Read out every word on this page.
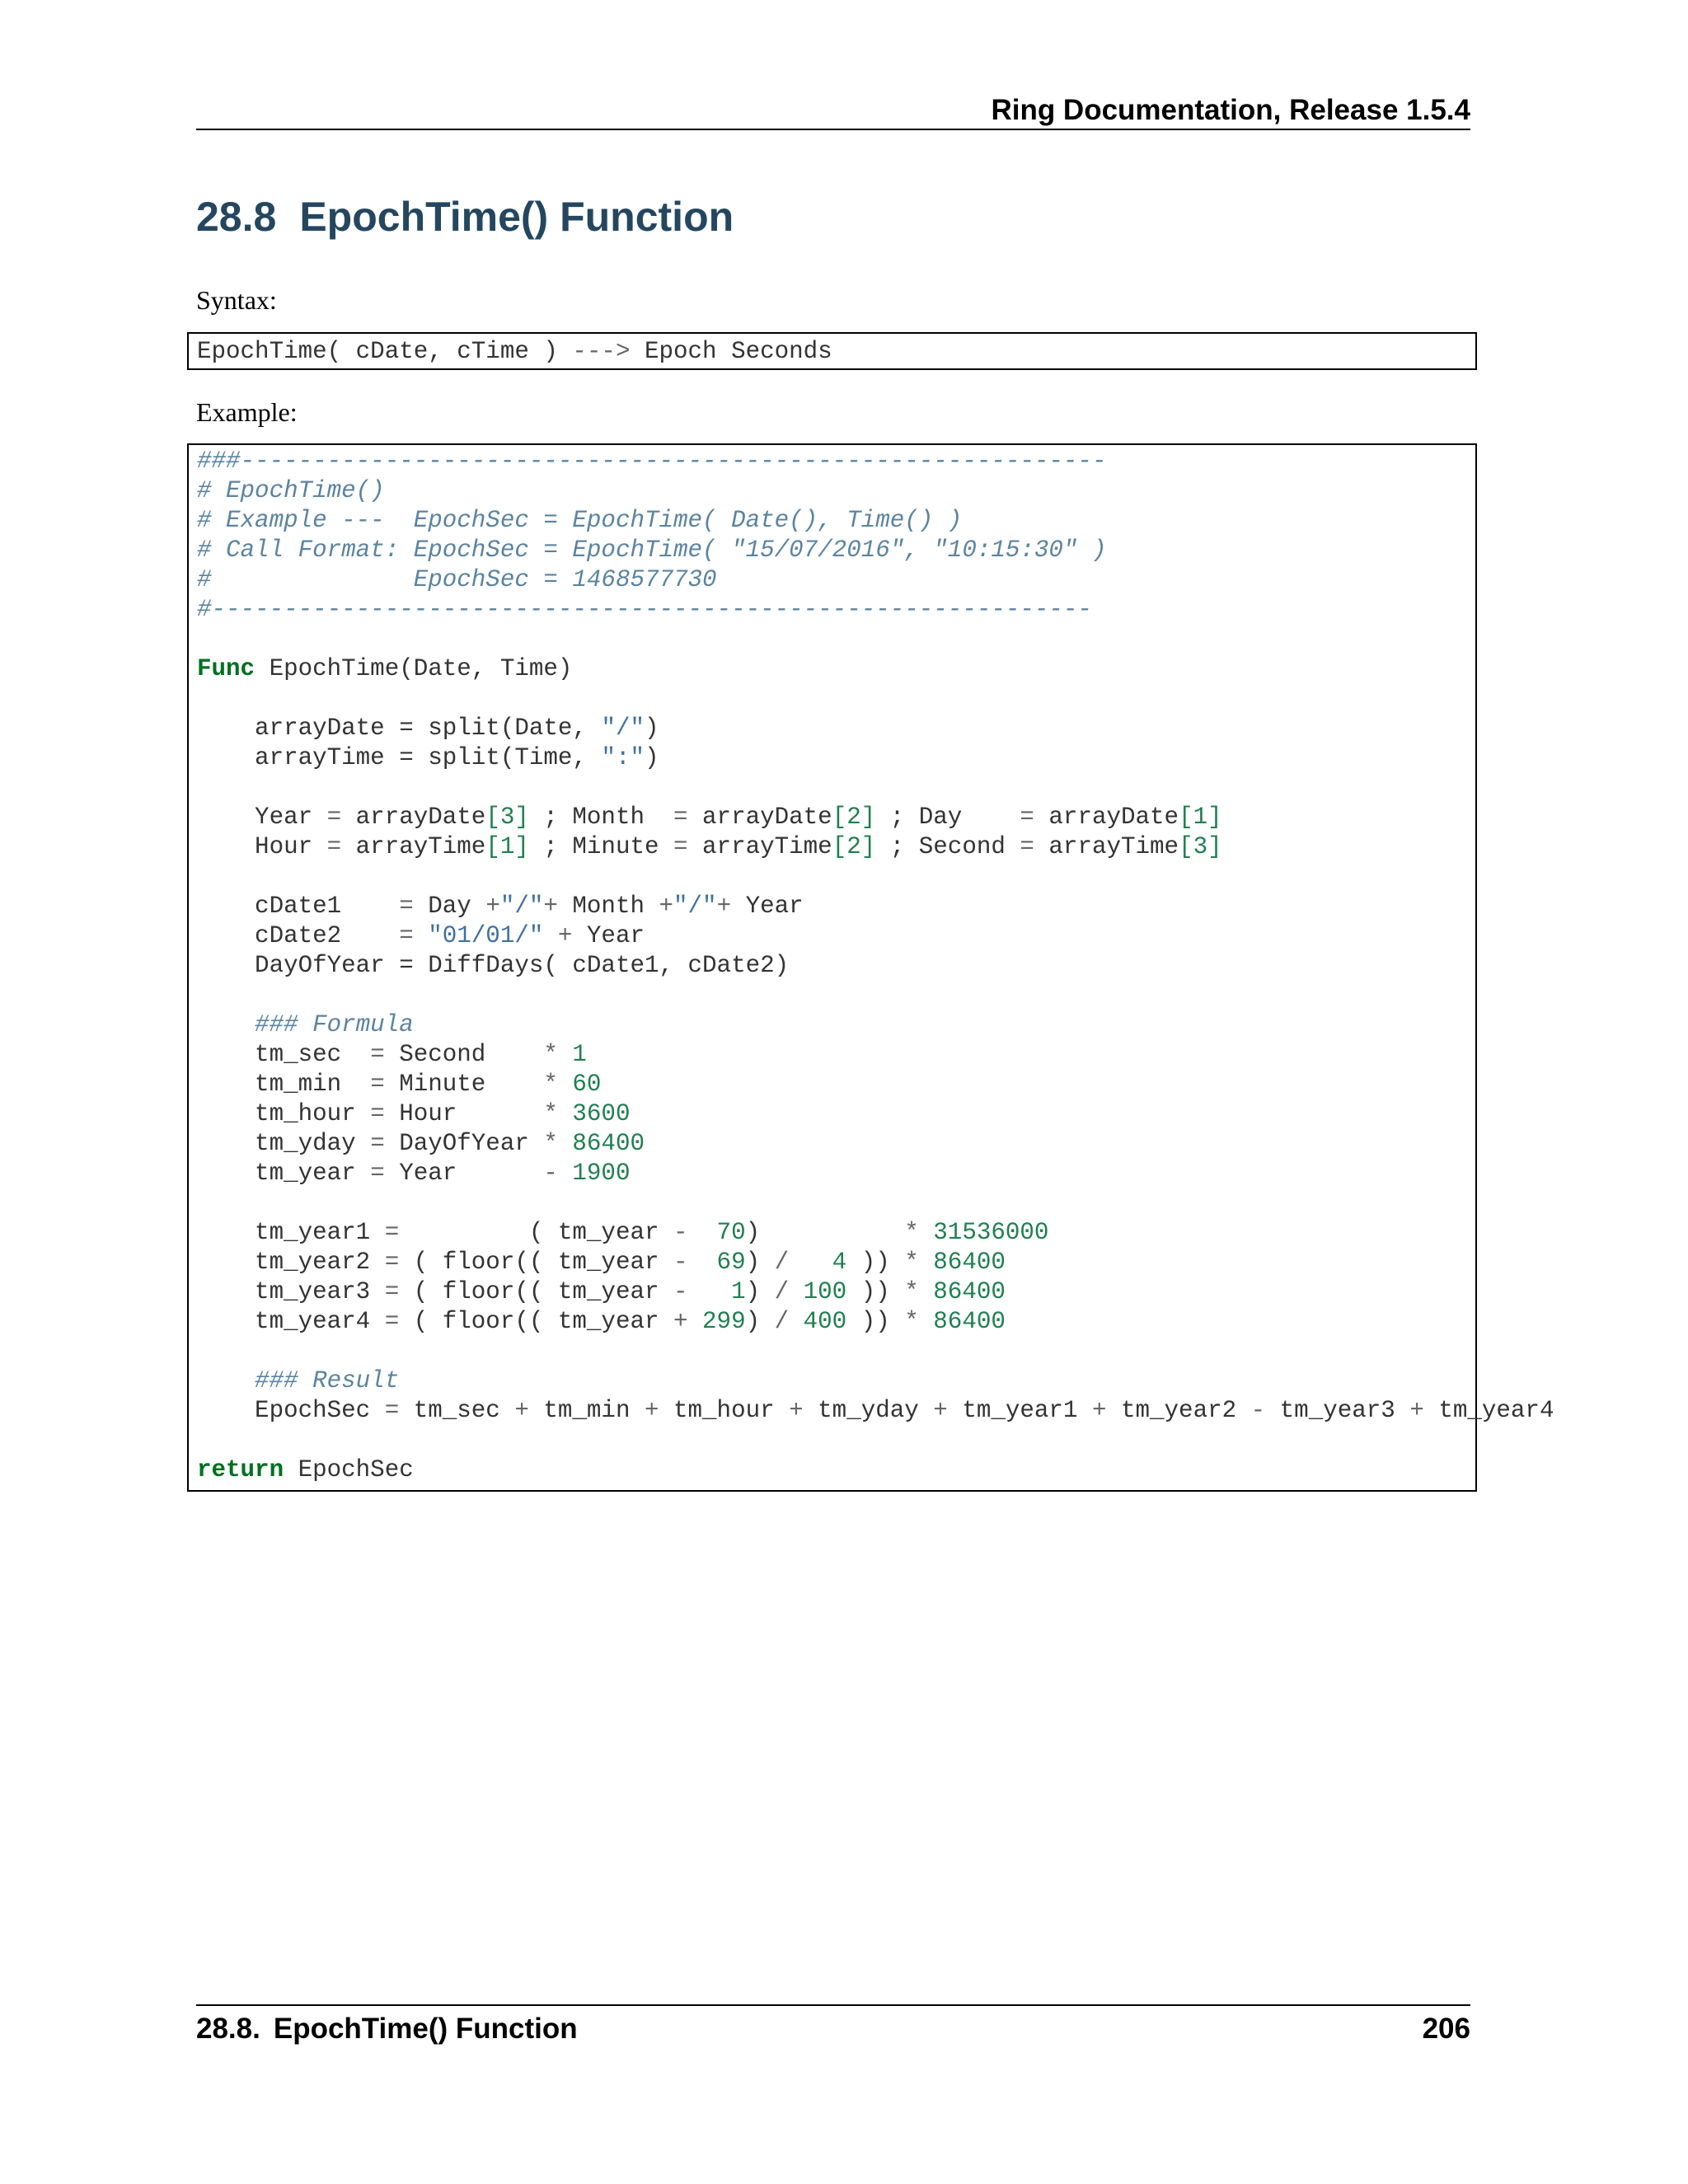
Ring Documentation, Release 1.5.4
28.8 EpochTime() Function
Syntax:
EpochTime( cDate, cTime ) ---> Epoch Seconds
Example:
###------------------------------------------------------------
# EpochTime()
# Example ---  EpochSec = EpochTime( Date(), Time() )
# Call Format: EpochSec = EpochTime( "15/07/2016", "10:15:30" )
#              EpochSec = 1468577730
#-------------------------------------------------------------
Func EpochTime(Date, Time)
arrayDate = split(Date, "/")
arrayTime = split(Time, ":")
Year = arrayDate[3] ; Month  = arrayDate[2] ; Day    = arrayDate[1]
Hour = arrayTime[1] ; Minute = arrayTime[2] ; Second = arrayTime[3]
cDate1    = Day +"/"+ Month +"/"+ Year
cDate2    = "01/01/" + Year
DayOfYear = DiffDays( cDate1, cDate2)
### Formula
tm_sec  = Second    * 1
tm_min  = Minute    * 60
tm_hour = Hour      * 3600
tm_yday = DayOfYear * 86400
tm_year = Year      - 1900
tm_year1 =         ( tm_year -  70)          * 31536000
tm_year2 = ( floor(( tm_year -  69) /   4 )) * 86400
tm_year3 = ( floor(( tm_year -   1) / 100 )) * 86400
tm_year4 = ( floor(( tm_year + 299) / 400 )) * 86400
### Result
EpochSec = tm_sec + tm_min + tm_hour + tm_yday + tm_year1 + tm_year2 - tm_year3 + tm_year4
return EpochSec
28.8. EpochTime() Function	206
